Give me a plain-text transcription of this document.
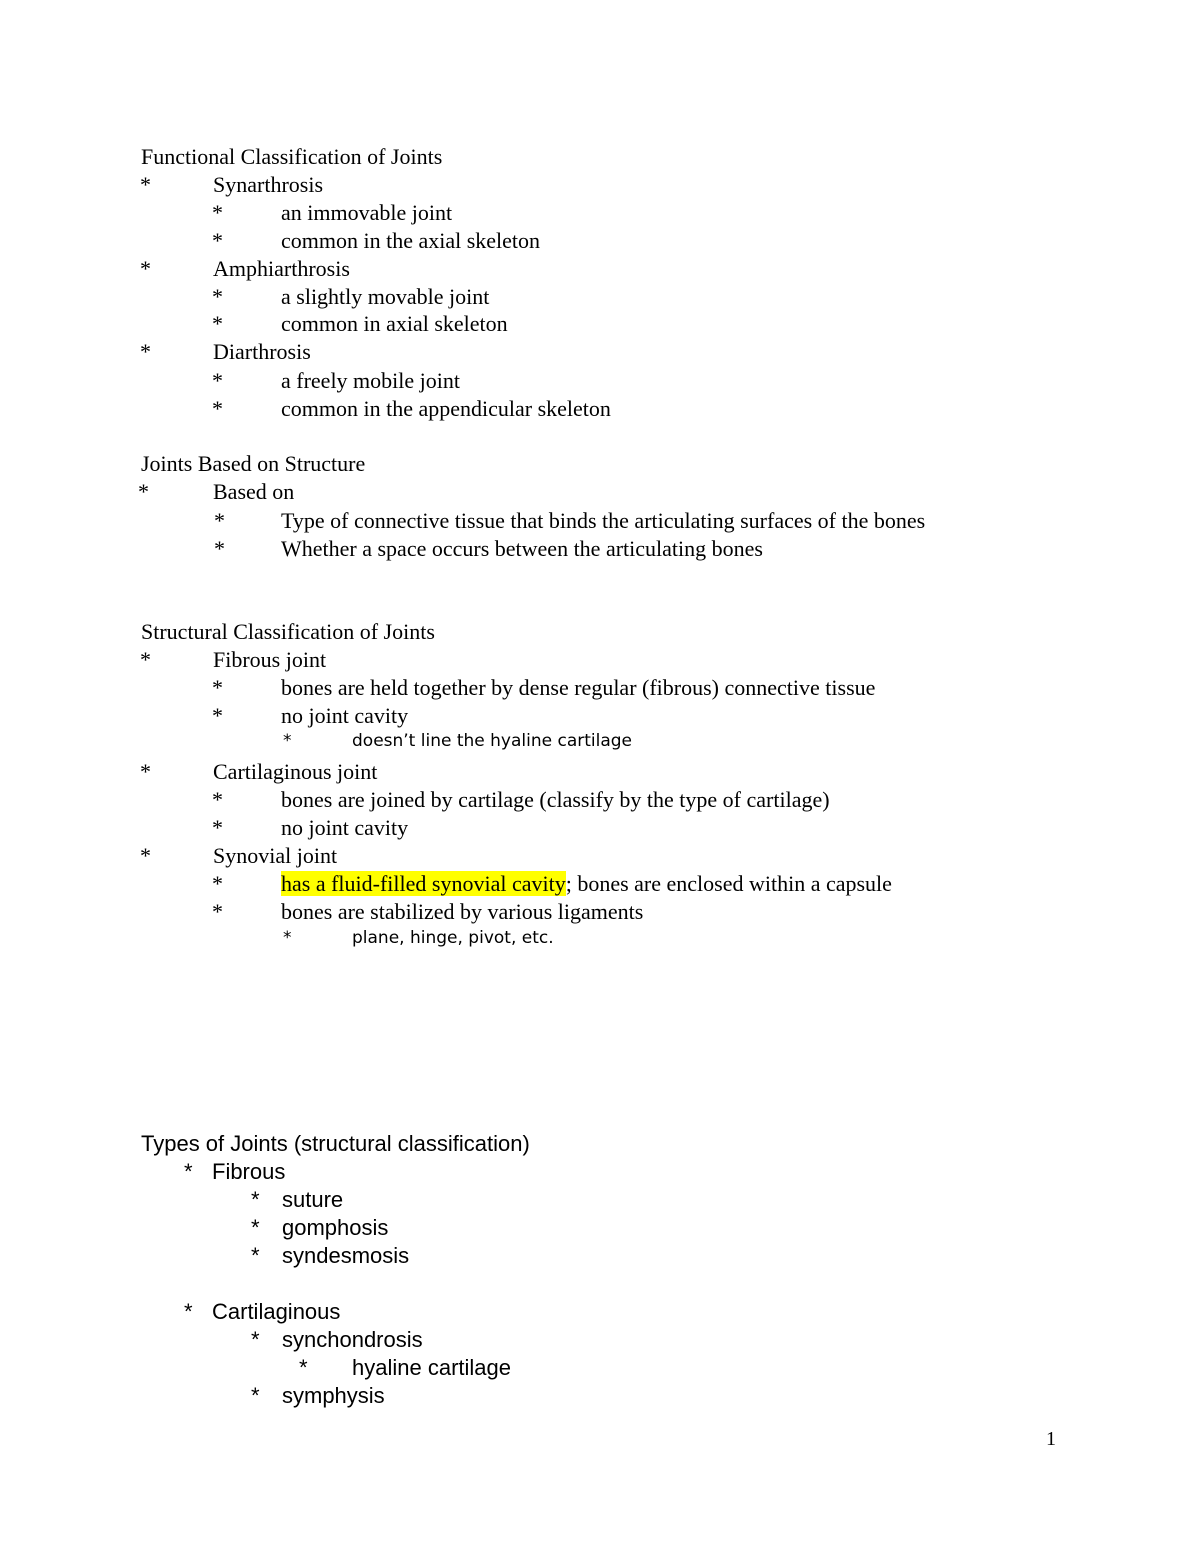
Functional Classification of Joints
*	Synarthrosis
*	an immovable joint
*	common in the axial skeleton
*	Amphiarthrosis
*	a slightly movable joint
*	common in axial skeleton
*	Diarthrosis
*	a freely mobile joint
*	common in the appendicular skeleton
Joints Based on Structure
*	Based on
*	Type of connective tissue that binds the articulating surfaces of the bones
*	Whether a space occurs between the articulating bones
Structural Classification of Joints
*	Fibrous joint
*	bones are held together by dense regular (fibrous) connective tissue
*	no joint cavity
*	doesn’t line the hyaline cartilage
*	Cartilaginous joint
*	bones are joined by cartilage (classify by the type of cartilage)
*	no joint cavity
*	Synovial joint
*	has a fluid-filled synovial cavity; bones are enclosed within a capsule
*	bones are stabilized by various ligaments
*	plane, hinge, pivot, etc.
Types of Joints (structural classification)
* Fibrous
* suture
* gomphosis
* syndesmosis
* Cartilaginous
* synchondrosis
* hyaline cartilage
* symphysis
1
